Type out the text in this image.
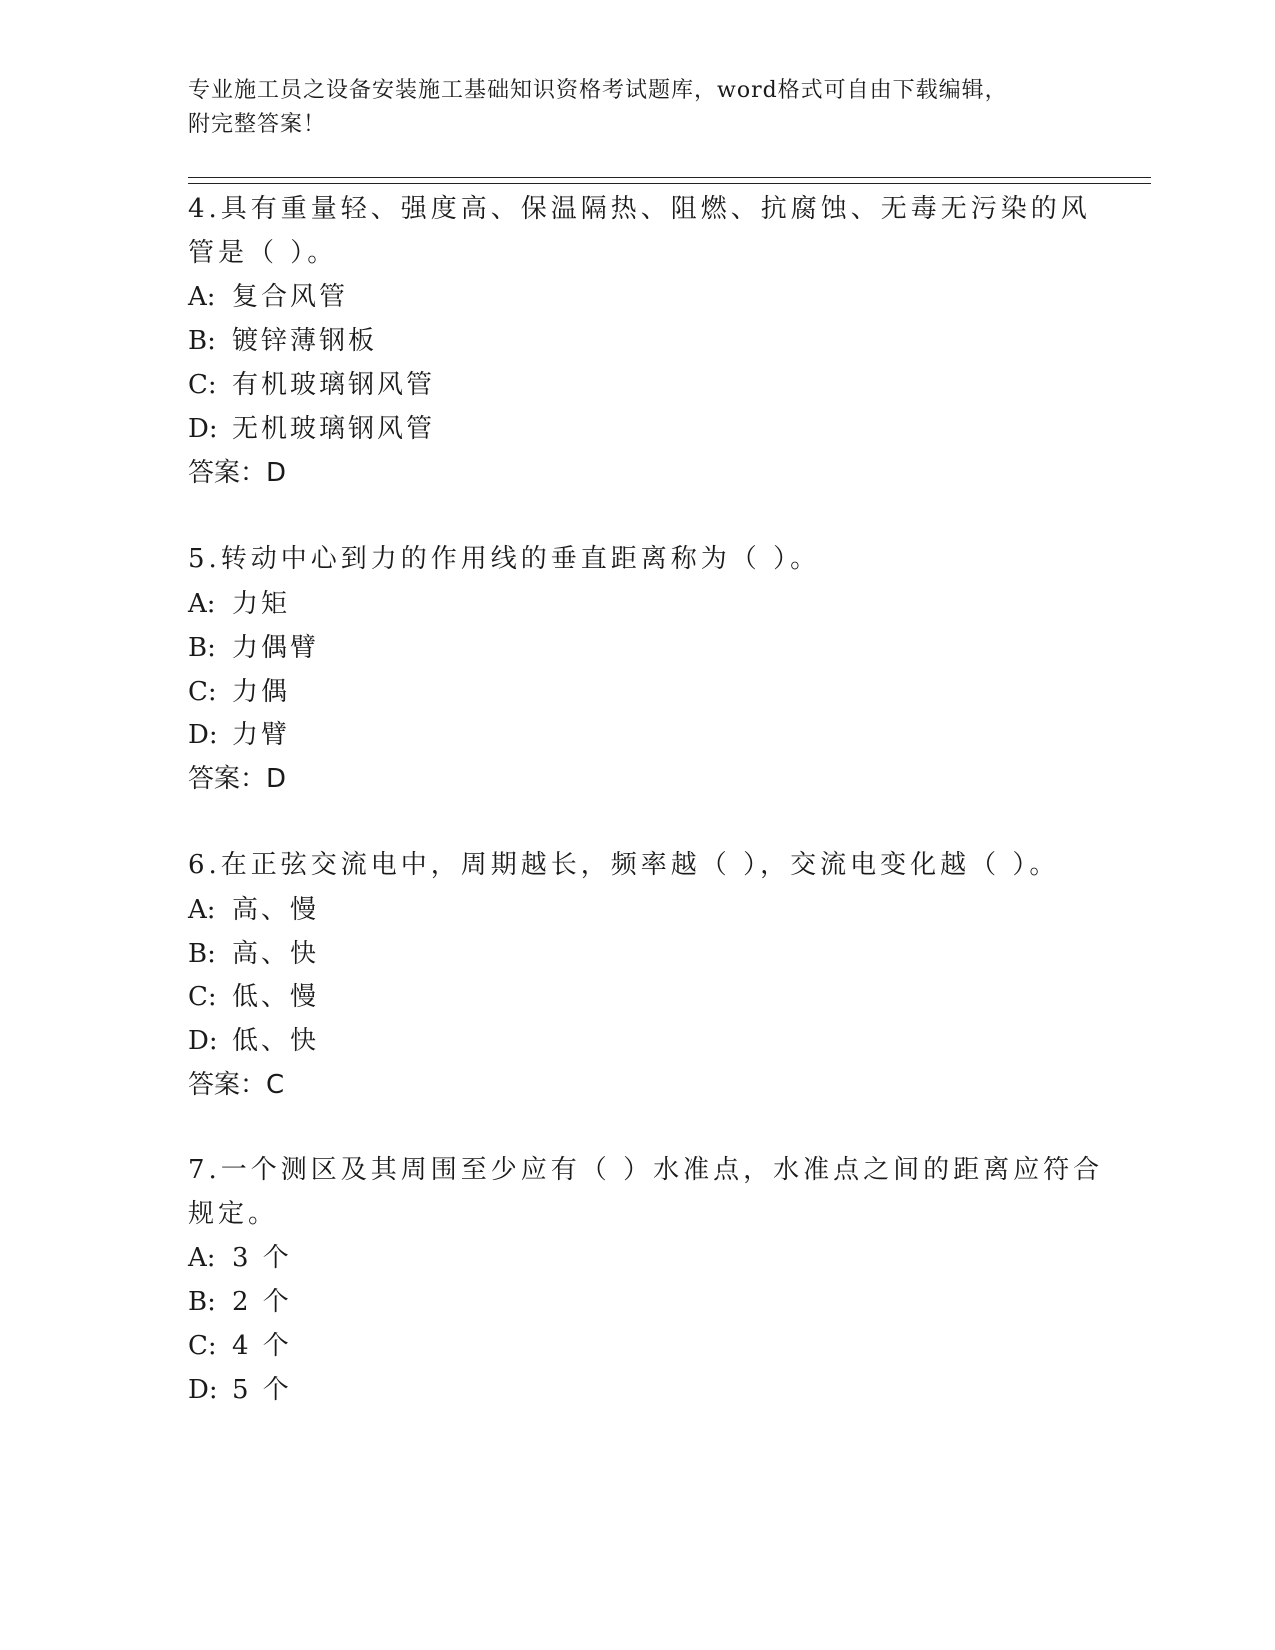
专业施工员之设备安装施工基础知识资格考试题库，word格式可自由下载编辑，
附完整答案！
4.具有重量轻、强度高、保温隔热、阻燃、抗腐蚀、无毒无污染的风
管是（ ）。
A: 复合风管
B: 镀锌薄钢板
C: 有机玻璃钢风管
D: 无机玻璃钢风管
答案：D
5.转动中心到力的作用线的垂直距离称为（ ）。
A: 力矩
B: 力偶臂
C: 力偶
D: 力臂
答案：D
6.在正弦交流电中，周期越长，频率越（ ），交流电变化越（ ）。
A: 高、慢
B: 高、快
C: 低、慢
D: 低、快
答案：C
7.一个测区及其周围至少应有（ ）水准点，水准点之间的距离应符合
规定。
A: 3 个
B: 2 个
C: 4 个
D: 5 个
